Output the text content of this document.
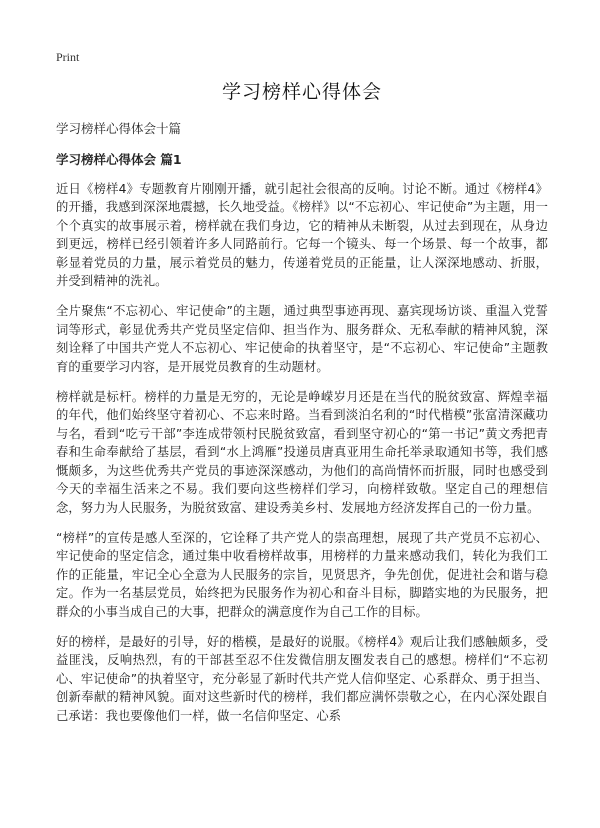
Print
学习榜样心得体会

学习榜样心得体会十篇

学习榜样心得体会 篇1

近日《榜样4》专题教育片刚刚开播，就引起社会很高的反响。讨论不断。通过《榜样4》的开播，我感到深深地震撼，长久地受益。《榜样》以“不忘初心、牢记使命”为主题，用一个个真实的故事展示着，榜样就在我们身边，它的精神从未断裂，从过去到现在，从身边到更远，榜样已经引领着许多人同路前行。它每一个镜头、每一个场景、每一个故事，都彰显着党员的力量，展示着党员的魅力，传递着党员的正能量，让人深深地感动、折服，并受到精神的洗礼。

全片聚焦“不忘初心、牢记使命”的主题，通过典型事迹再现、嘉宾现场访谈、重温入党誓词等形式，彰显优秀共产党员坚定信仰、担当作为、服务群众、无私奉献的精神风貌，深刻诠释了中国共产党人不忘初心、牢记使命的执着坚守，是“不忘初心、牢记使命”主题教育的重要学习内容，是开展党员教育的生动题材。

榜样就是标杆。榜样的力量是无穷的，无论是峥嵘岁月还是在当代的脱贫致富、辉煌幸福的年代，他们始终坚守着初心、不忘来时路。当看到淡泊名利的“时代楷模”张富清深藏功与名，看到“吃亏干部”李连成带领村民脱贫致富，看到坚守初心的“第一书记”黄文秀把青春和生命奉献给了基层，看到“水上鸿雁”投递员唐真亚用生命托举录取通知书等，我们感慨颇多，为这些优秀共产党员的事迹深深感动，为他们的高尚情怀而折服，同时也感受到今天的幸福生活来之不易。我们要向这些榜样们学习，向榜样致敬。坚定自己的理想信念，努力为人民服务，为脱贫致富、建设秀美乡村、发展地方经济发挥自己的一份力量。

“榜样”的宣传是感人至深的，它诠释了共产党人的崇高理想，展现了共产党员不忘初心、牢记使命的坚定信念，通过集中收看榜样故事，用榜样的力量来感动我们，转化为我们工作的正能量，牢记全心全意为人民服务的宗旨，见贤思齐，争先创优，促进社会和谐与稳定。作为一名基层党员，始终把为民服务作为初心和奋斗目标，脚踏实地的为民服务，把群众的小事当成自己的大事，把群众的满意度作为自己工作的目标。

好的榜样，是最好的引导，好的楷模，是最好的说服。《榜样4》观后让我们感触颇多，受益匪浅，反响热烈，有的干部甚至忍不住发微信朋友圈发表自己的感想。榜样们“不忘初心、牢记使命”的执着坚守，充分彰显了新时代共产党人信仰坚定、心系群众、勇于担当、创新奉献的精神风貌。面对这些新时代的榜样，我们都应满怀崇敬之心，在内心深处跟自己承诺：我也要像他们一样，做一名信仰坚定、心系
